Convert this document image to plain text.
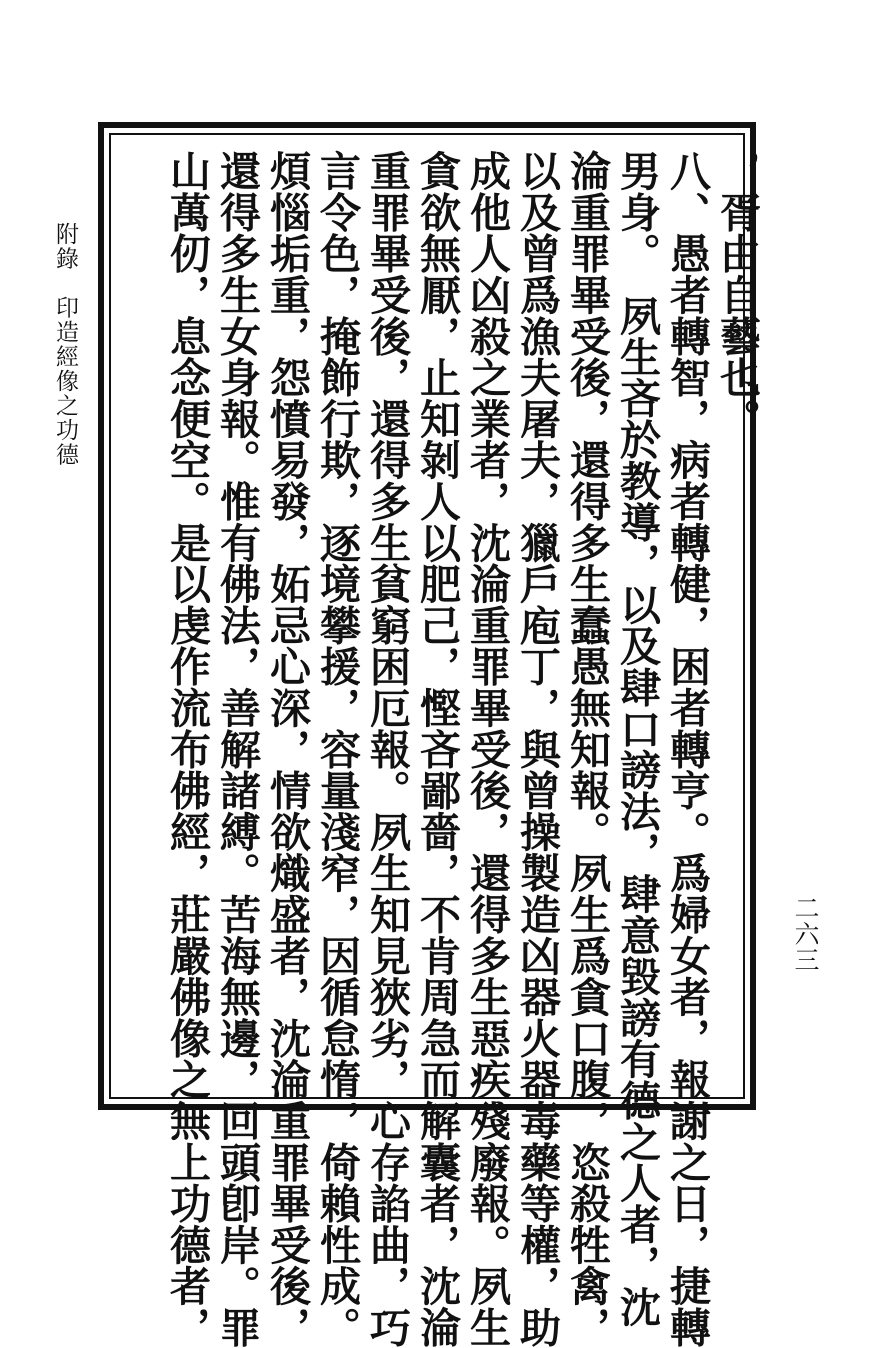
附錄　印造經像之功德	，胥由自藝也。
八、愚者轉智，病者轉健，困者轉亨。爲婦女者，報謝之日，捷轉
男身。　夙生吝於教導，以及肆口謗法，肆意毀謗有德之人者，沈
淪重罪畢受後，還得多生蠢愚無知報。夙生爲貪口腹，恣殺牲禽，
以及曾爲漁夫屠夫，獵戶庖丁，與曾操製造凶器火器毒藥等權，助
成他人凶殺之業者，沈淪重罪畢受後，還得多生惡疾殘廢報。夙生
貪欲無厭，止知剝人以肥己，慳吝鄙嗇，不肯周急而解囊者，沈淪
重罪畢受後，還得多生貧窮困厄報。夙生知見狹劣，心存諂曲，巧
言令色，掩飾行欺，逐境攀援，容量淺窄，因循怠惰，倚賴性成。
煩惱垢重，怨憤易發，妬忌心深，情欲熾盛者，沈淪重罪畢受後，
還得多生女身報。惟有佛法，善解諸縛。苦海無邊，回頭卽岸。罪
山萬仞，息念便空。是以虔作流布佛經，莊嚴佛像之無上功德者，	二六三
